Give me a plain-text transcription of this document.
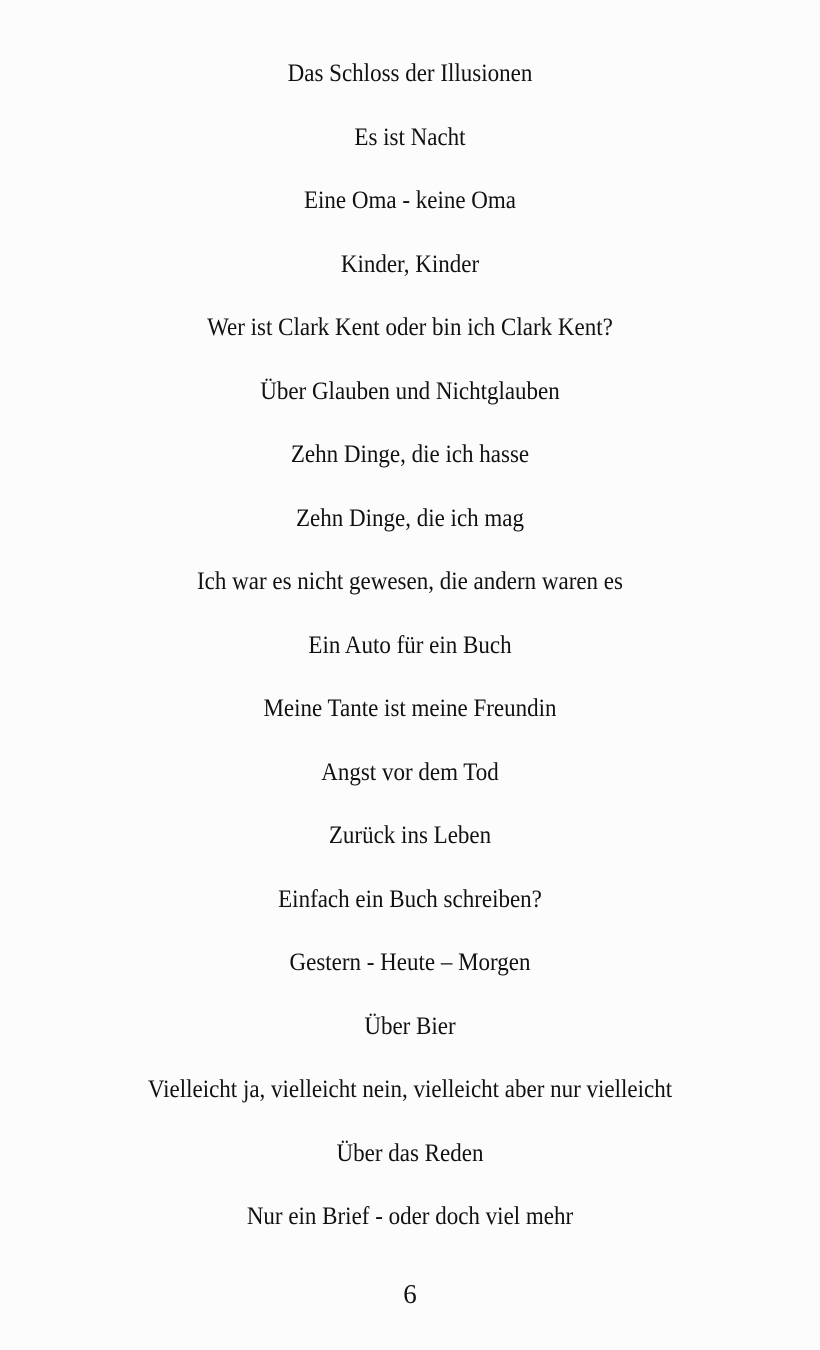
Das Schloss der Illusionen
Es ist Nacht
Eine Oma - keine Oma
Kinder, Kinder
Wer ist Clark Kent oder bin ich Clark Kent?
Über Glauben und Nichtglauben
Zehn Dinge, die ich hasse
Zehn Dinge, die ich mag
Ich war es nicht gewesen, die andern waren es
Ein Auto für ein Buch
Meine Tante ist meine Freundin
Angst vor dem Tod
Zurück ins Leben
Einfach ein Buch schreiben?
Gestern - Heute – Morgen
Über Bier
Vielleicht ja, vielleicht nein, vielleicht aber nur vielleicht
Über das Reden
Nur ein Brief - oder doch viel mehr
6
